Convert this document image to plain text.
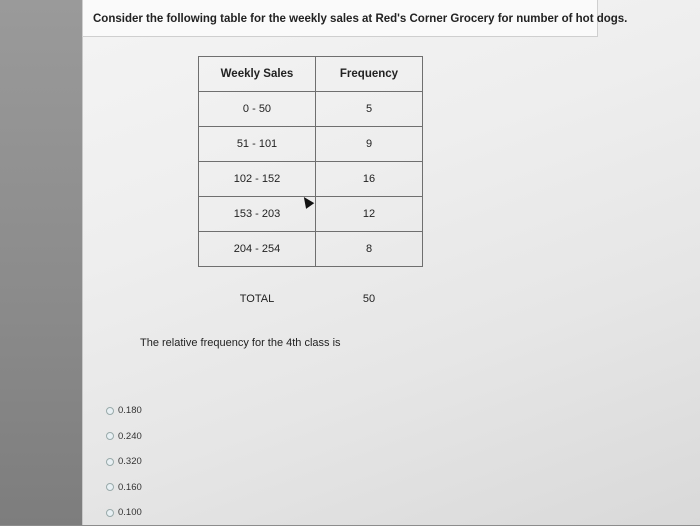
Consider the following table for the weekly sales at Red's Corner Grocery for number of hot dogs.
Weekly Sales	Frequency
0 - 50	5
51 - 101	9
102 - 152	16
153 - 203	12
204 - 254	8
TOTAL	50
The relative frequency for the 4th class is
0.180
0.240
0.320
0.160
0.100
